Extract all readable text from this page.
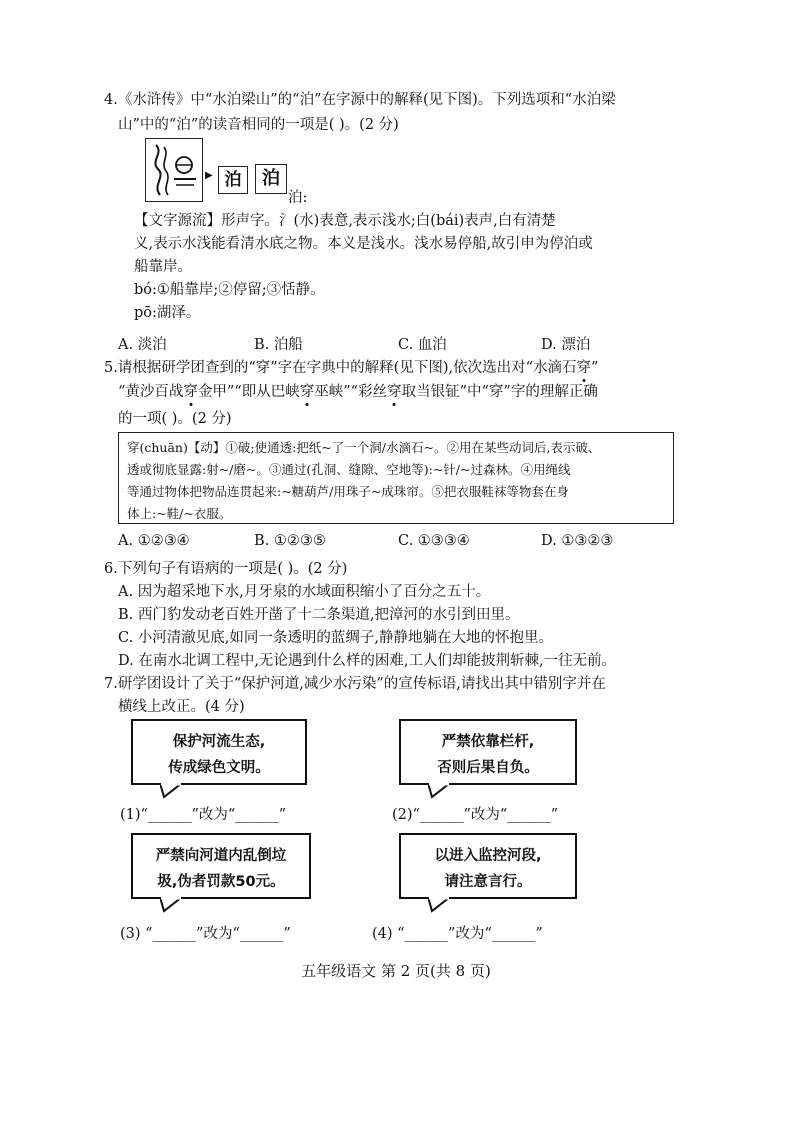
4.《水浒传》中“水泊梁山”的“泊”在字源中的解释(见下图)。下列选项和“水泊梁
山”中的“泊”的读音相同的一项是( )。(2 分)
▶ 泊	泊
泊:
【文字源流】形声字。氵(水)表意,表示浅水;白(bái)表声,白有清楚
义,表示水浅能看清水底之物。本义是浅水。浅水易停船,故引申为停泊或
船靠岸。
bó:①船靠岸;②停留;③恬静。
pō:湖泽。
A. 淡泊	B. 泊船	C. 血泊	D. 漂泊
5.请根据研学团查到的“穿”字在字典中的解释(见下图),依次选出对“水滴石穿”
“黄沙百战穿金甲”“即从巴峡穿巫峡”“彩丝穿取当银钲”中“穿”字的理解正确
的一项( )。(2 分)
穿(chuān)【动】①破;使通透:把纸~了一个洞/水滴石~。②用在某些动词后,表示破、
透或彻底显露:射~/磨~。③通过(孔洞、缝隙、空地等):~针/~过森林。④用绳线
等通过物体把物品连贯起来:~糖葫芦/用珠子~成珠帘。⑤把衣服鞋袜等物套在身
体上:~鞋/~衣服。
A. ①②③④	B. ①②③⑤	C. ①③③④	D. ①③②③
6.下列句子有语病的一项是( )。(2 分)
A. 因为超采地下水,月牙泉的水域面积缩小了百分之五十。
B. 西门豹发动老百姓开凿了十二条渠道,把漳河的水引到田里。
C. 小河清澈见底,如同一条透明的蓝绸子,静静地躺在大地的怀抱里。
D. 在南水北调工程中,无论遇到什么样的困难,工人们却能披荆斩棘,一往无前。
7.研学团设计了关于“保护河道,减少水污染”的宣传标语,请找出其中错别字并在
横线上改正。(4 分)
保护河流生态,
传成绿色文明。
严禁依靠栏杆,
否则后果自负。
(1)“______”改为“______”	(2)“______”改为“______”
严禁向河道内乱倒垃
圾,伪者罚款50元。
以进入监控河段,
请注意言行。
(3) “______”改为“______”	(4) “______”改为“______”
五年级语文 第 2 页(共 8 页)
